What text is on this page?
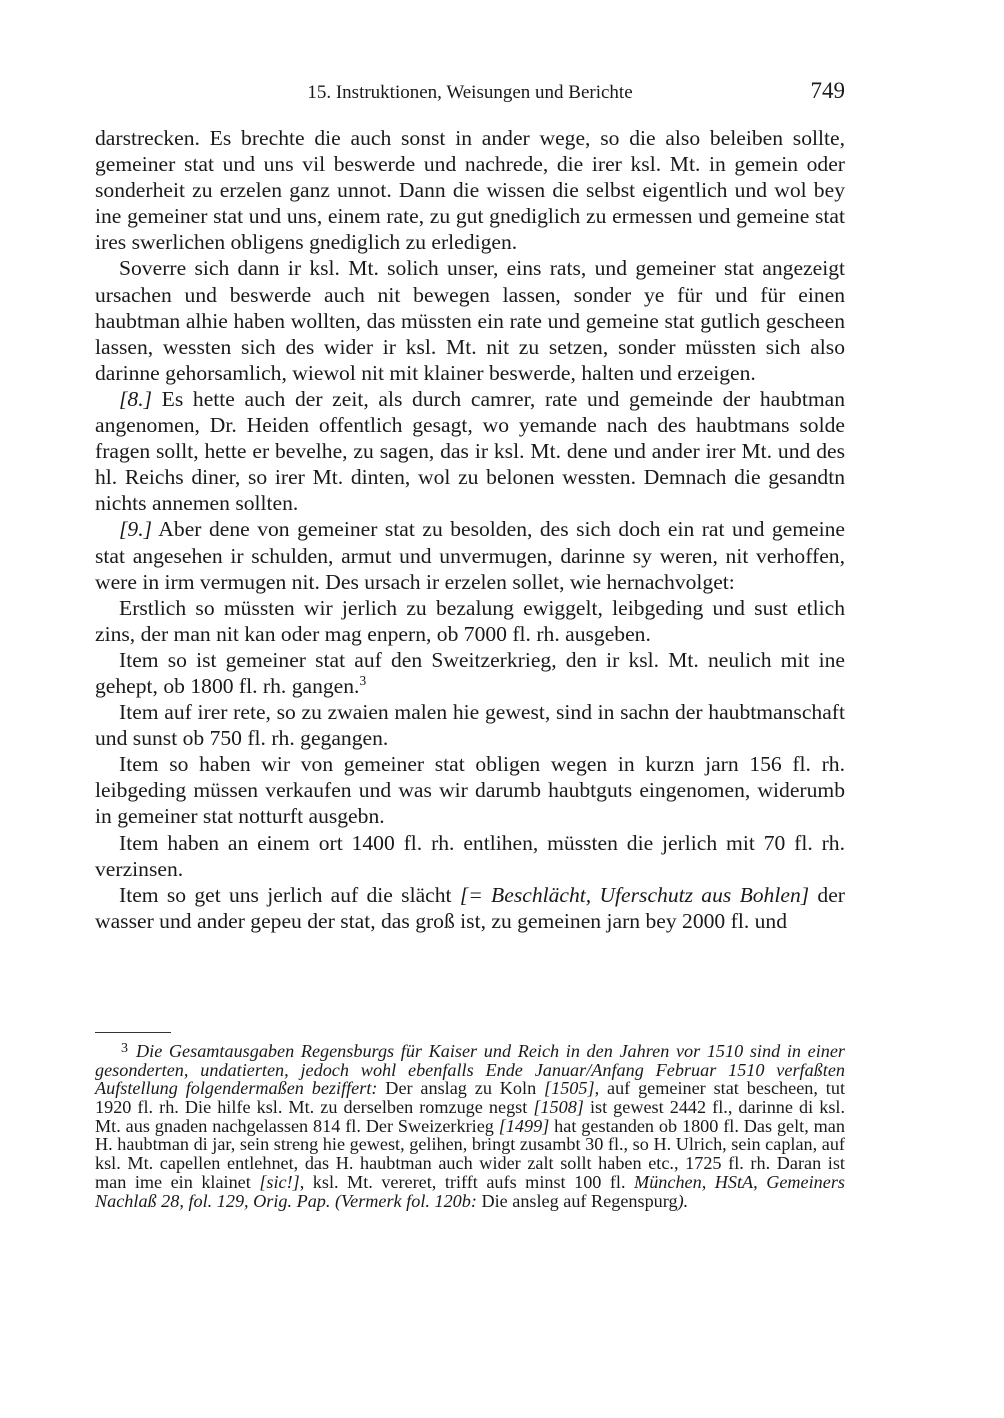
15. Instruktionen, Weisungen und Berichte	749

darstrecken. Es brechte die auch sonst in ander wege, so die also beleiben sollte, gemeiner stat und uns vil beswerde und nachrede, die irer ksl. Mt. in gemein oder sonderheit zu erzelen ganz unnot. Dann die wissen die selbst eigentlich und wol bey ine gemeiner stat und uns, einem rate, zu gut gnediglich zu ermessen und gemeine stat ires swerlichen obligens gnediglich zu erledigen.

Soverre sich dann ir ksl. Mt. solich unser, eins rats, und gemeiner stat angezeigt ursachen und beswerde auch nit bewegen lassen, sonder ye für und für einen haubtman alhie haben wollten, das müssten ein rate und gemeine stat gutlich gescheen lassen, wessten sich des wider ir ksl. Mt. nit zu setzen, sonder müssten sich also darinne gehorsamlich, wiewol nit mit klainer beswerde, halten und erzeigen.

[8.] Es hette auch der zeit, als durch camrer, rate und gemeinde der haubtman angenomen, Dr. Heiden offentlich gesagt, wo yemande nach des haubtmans solde fragen sollt, hette er bevelhe, zu sagen, das ir ksl. Mt. dene und ander irer Mt. und des hl. Reichs diner, so irer Mt. dinten, wol zu belonen wessten. Demnach die gesandtn nichts annemen sollten.

[9.] Aber dene von gemeiner stat zu besolden, des sich doch ein rat und gemeine stat angesehen ir schulden, armut und unvermugen, darinne sy weren, nit verhoffen, were in irm vermugen nit. Des ursach ir erzelen sollet, wie hernachvolget:

Erstlich so müssten wir jerlich zu bezalung ewiggelt, leibgeding und sust etlich zins, der man nit kan oder mag enpern, ob 7000 fl. rh. ausgeben.

Item so ist gemeiner stat auf den Sweitzerkrieg, den ir ksl. Mt. neulich mit ine gehept, ob 1800 fl. rh. gangen.$^3$

Item auf irer rete, so zu zwaien malen hie gewest, sind in sachn der haubtmanschaft und sunst ob 750 fl. rh. gegangen.

Item so haben wir von gemeiner stat obligen wegen in kurzn jarn 156 fl. rh. leibgeding müssen verkaufen und was wir darumb haubtguts eingenomen, widerumb in gemeiner stat notturft ausgebn.

Item haben an einem ort 1400 fl. rh. entlihen, müssten die jerlich mit 70 fl. rh. verzinsen.

Item so get uns jerlich auf die slächt [= Beschlächt, Uferschutz aus Bohlen] der wasser und ander gepeu der stat, das groß ist, zu gemeinen jarn bey 2000 fl. und

$^3$ Die Gesamtausgaben Regensburgs für Kaiser und Reich in den Jahren vor 1510 sind in einer gesonderten, undatierten, jedoch wohl ebenfalls Ende Januar/Anfang Februar 1510 verfaßten Aufstellung folgendermaßen beziffert: Der anslag zu Koln [1505], auf gemeiner stat bescheen, tut 1920 fl. rh. Die hilfe ksl. Mt. zu derselben romzuge negst [1508] ist gewest 2442 fl., darinne di ksl. Mt. aus gnaden nachgelassen 814 fl. Der Sweizerkrieg [1499] hat gestanden ob 1800 fl. Das gelt, man H. haubtman di jar, sein streng hie gewest, gelihen, bringt zusambt 30 fl., so H. Ulrich, sein caplan, auf ksl. Mt. capellen entlehnet, das H. haubtman auch wider zalt sollt haben etc., 1725 fl. rh. Daran ist man ime ein klainet [sic!], ksl. Mt. vereret, trifft aufs minst 100 fl. München, HStA, Gemeiners Nachlaß 28, fol. 129, Orig. Pap. (Vermerk fol. 120b: Die ansleg auf Regenspurg).
